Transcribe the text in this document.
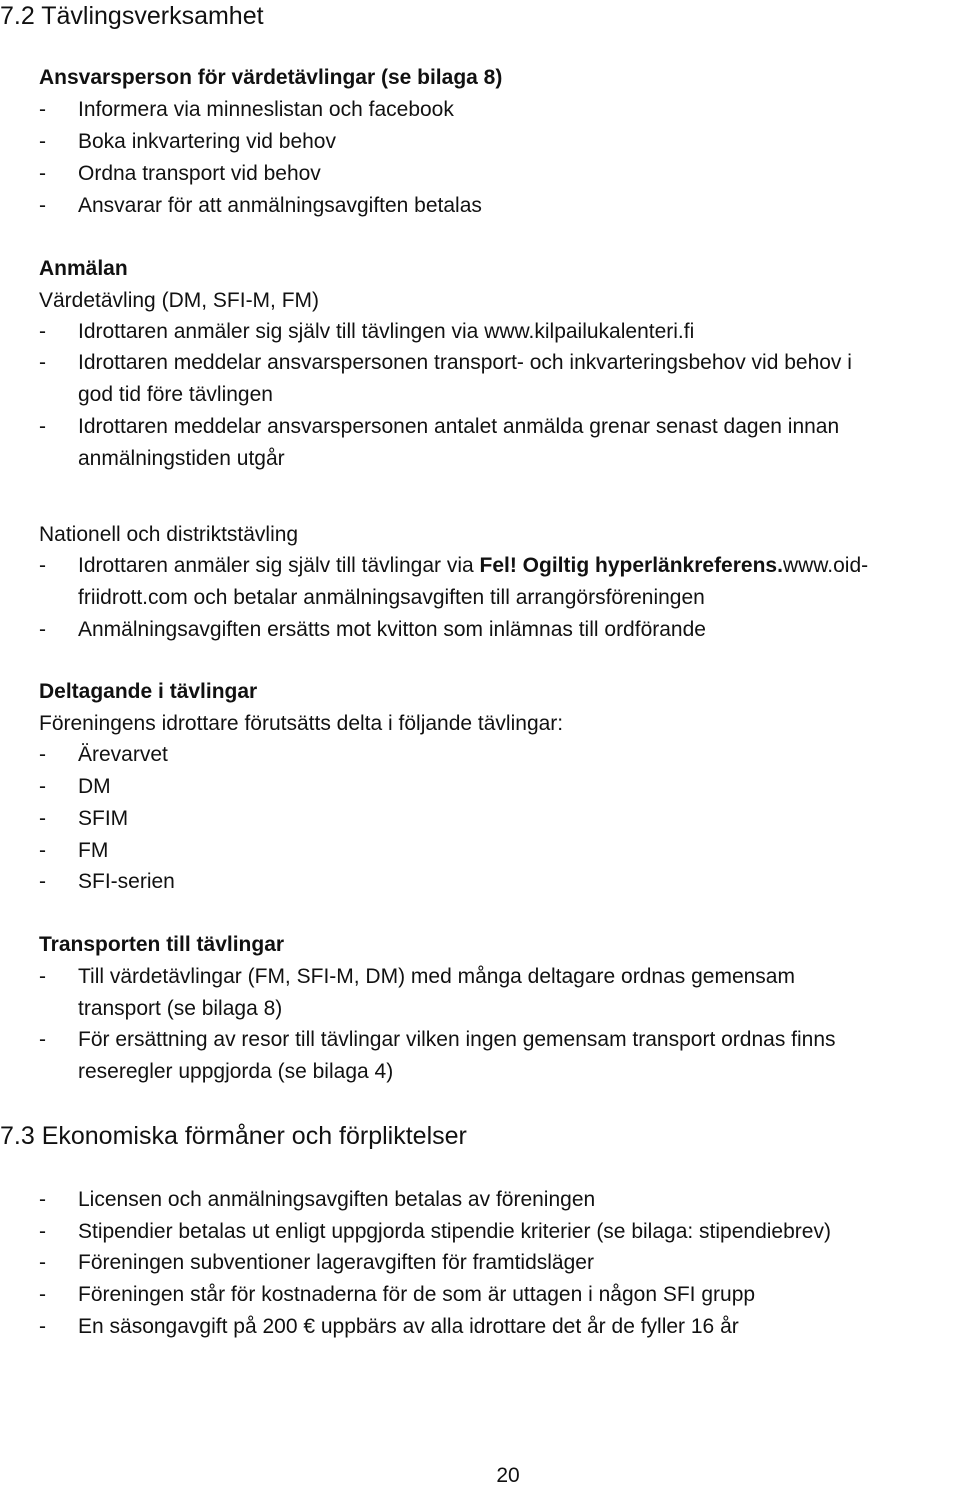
7.2 Tävlingsverksamhet
Ansvarsperson för värdetävlingar (se bilaga 8)
- Informera via minneslistan och facebook
- Boka inkvartering vid behov
- Ordna transport vid behov
- Ansvarar för att anmälningsavgiften betalas
Anmälan
Värdetävling (DM, SFI-M, FM)
- Idrottaren anmäler sig själv till tävlingen via www.kilpailukalenteri.fi
- Idrottaren meddelar ansvarspersonen transport- och inkvarteringsbehov vid behov i
god tid före tävlingen
- Idrottaren meddelar ansvarspersonen antalet anmälda grenar senast dagen innan
anmälningstiden utgår
Nationell och distriktstävling
- Idrottaren anmäler sig själv till tävlingar via Fel! Ogiltig hyperlänkreferens.www.oid-
friidrott.com och betalar anmälningsavgiften till arrangörsföreningen
- Anmälningsavgiften ersätts mot kvitton som inlämnas till ordförande
Deltagande i tävlingar
Föreningens idrottare förutsätts delta i följande tävlingar:
- Ärevarvet
- DM
- SFIM
- FM
- SFI-serien
Transporten till tävlingar
- Till värdetävlingar (FM, SFI-M, DM) med många deltagare ordnas gemensam
transport (se bilaga 8)
- För ersättning av resor till tävlingar vilken ingen gemensam transport ordnas finns
reseregler uppgjorda (se bilaga 4)
7.3 Ekonomiska förmåner och förpliktelser
- Licensen och anmälningsavgiften betalas av föreningen
- Stipendier betalas ut enligt uppgjorda stipendie kriterier (se bilaga: stipendiebrev)
- Föreningen subventioner lageravgiften för framtidsläger
- Föreningen står för kostnaderna för de som är uttagen i någon SFI grupp
- En säsongavgift på 200 € uppbärs av alla idrottare det år de fyller 16 år
20
